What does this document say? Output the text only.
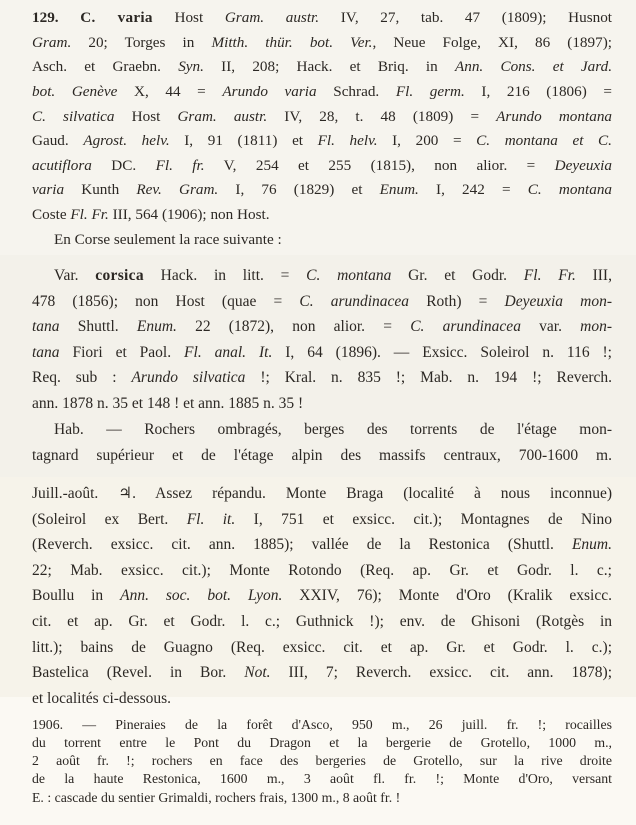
129. C. varia Host Gram. austr. IV, 27, tab. 47 (1809); Husnot
Gram. 20; Torges in Mitth. thür. bot. Ver., Neue Folge, XI, 86 (1897);
Asch. et Graebn. Syn. II, 208; Hack. et Briq. in Ann. Cons. et Jard.
bot. Genève X, 44 = Arundo varia Schrad. Fl. germ. I, 216 (1806) =
C. silvatica Host Gram. austr. IV, 28, t. 48 (1809) = Arundo montana
Gaud. Agrost. helv. I, 91 (1811) et Fl. helv. I, 200 = C. montana et C.
acutiflora DC. Fl. fr. V, 254 et 255 (1815), non alior. = Deyeuxia
varia Kunth Rev. Gram. I, 76 (1829) et Enum. I, 242 = C. montana
Coste Fl. Fr. III, 564 (1906); non Host.
En Corse seulement la race suivante :
Var. corsica Hack. in litt. = C. montana Gr. et Godr. Fl. Fr. III,
478 (1856); non Host (quae = C. arundinacea Roth) = Deyeuxia mon-
tana Shuttl. Enum. 22 (1872), non alior. = C. arundinacea var. mon-
tana Fiori et Paol. Fl. anal. It. I, 64 (1896). — Exsicc. Soleirol n. 116 !;
Req. sub : Arundo silvatica !; Kral. n. 835 !; Mab. n. 194 !; Reverch.
ann. 1878 n. 35 et 148 ! et ann. 1885 n. 35 !
Hab. — Rochers ombragés, berges des torrents de l'étage mon-
tagnard supérieur et de l'étage alpin des massifs centraux, 700-1600 m.
Juill.-août. ♃. Assez répandu. Monte Braga (localité à nous inconnue)
(Soleirol ex Bert. Fl. it. I, 751 et exsicc. cit.); Montagnes de Nino
(Reverch. exsicc. cit. ann. 1885); vallée de la Restonica (Shuttl. Enum.
22; Mab. exsicc. cit.); Monte Rotondo (Req. ap. Gr. et Godr. l. c.;
Boullu in Ann. soc. bot. Lyon. XXIV, 76); Monte d'Oro (Kralik exsicc.
cit. et ap. Gr. et Godr. l. c.; Guthnick !); env. de Ghisoni (Rotgès in
litt.); bains de Guagno (Req. exsicc. cit. et ap. Gr. et Godr. l. c.);
Bastelica (Revel. in Bor. Not. III, 7; Reverch. exsicc. cit. ann. 1878);
et localités ci-dessous.
1906. — Pineraies de la forêt d'Asco, 950 m., 26 juill. fr. !; rocailles
du torrent entre le Pont du Dragon et la bergerie de Grotello, 1000 m.,
2 août fr. !; rochers en face des bergeries de Grotello, sur la rive droite
de la haute Restonica, 1600 m., 3 août fl. fr. !; Monte d'Oro, versant
E. : cascade du sentier Grimaldi, rochers frais, 1300 m., 8 août fr. !
